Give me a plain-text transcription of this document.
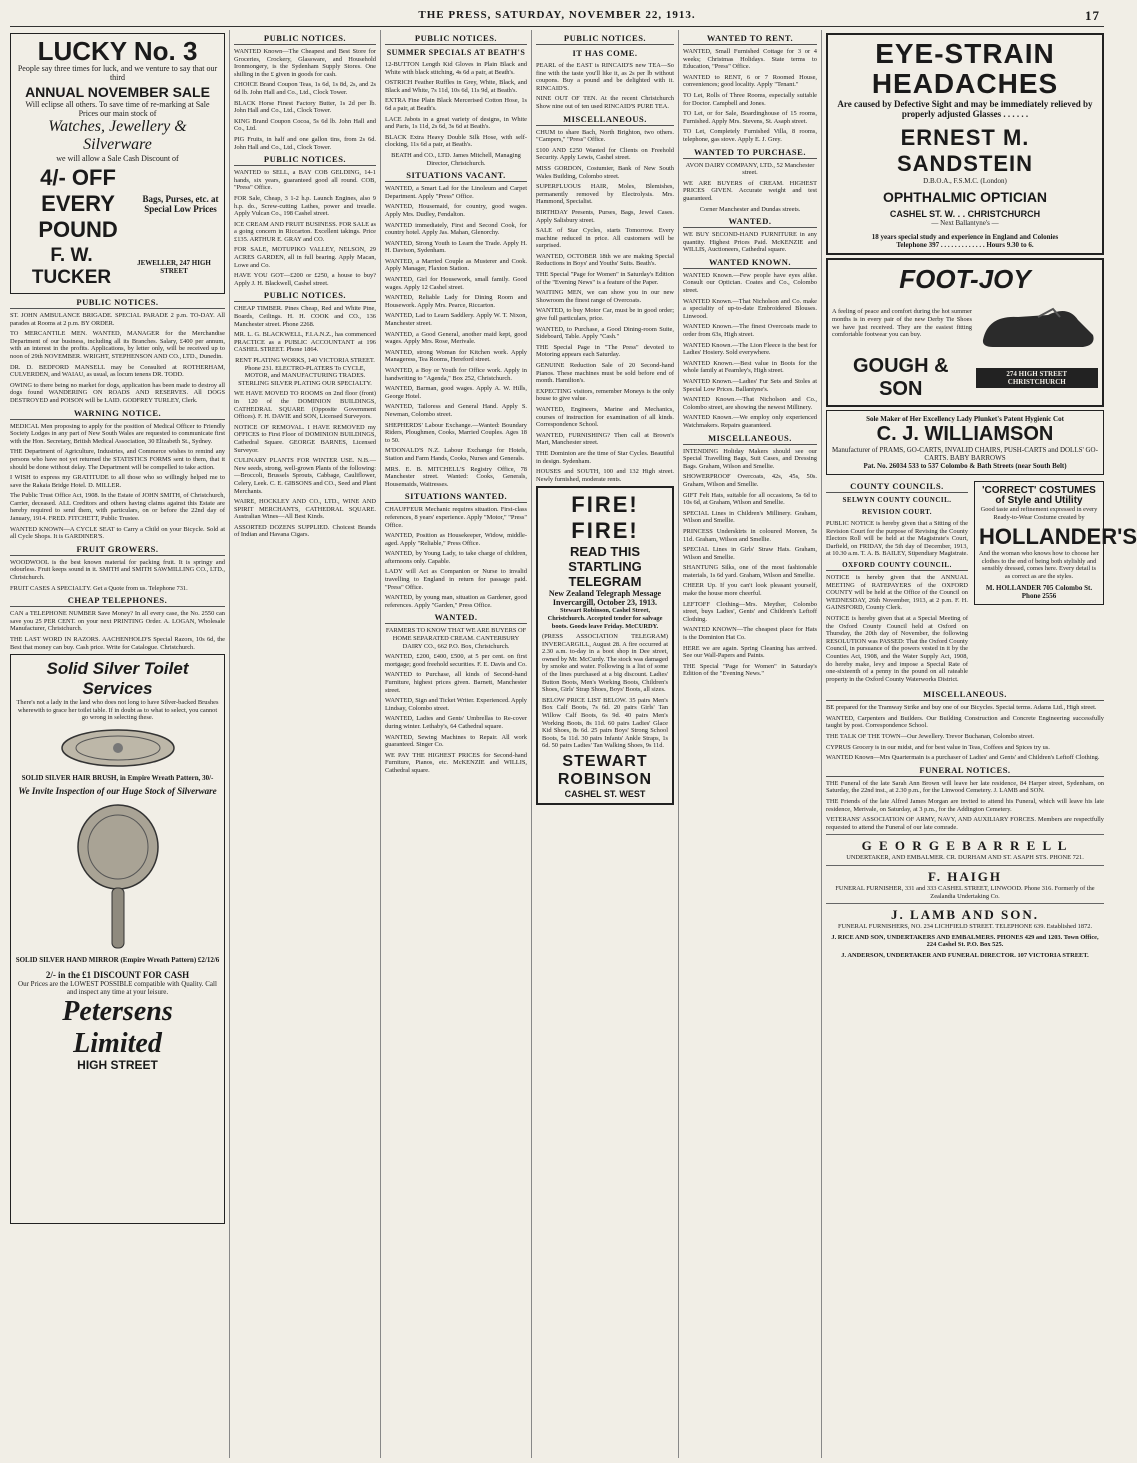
THE PRESS, SATURDAY, NOVEMBER 22, 1913.	17
LUCKY No. 3
People say three times for luck, and we venture to say that our third
ANNUAL NOVEMBER SALE
Will eclipse all others. To save time of re-marking at Sale Prices our main stock of
Watches, Jewellery & Silverware
we will allow a Sale Cash Discount of
4/- OFF EVERY POUND
Bags, Purses, etc. at Special Low Prices
F. W. TUCKER
JEWELLER, 247 HIGH STREET
PUBLIC NOTICES.
ST. JOHN AMBULANCE BRIGADE. SPECIAL PARADE 2 p.m. TO-DAY. All parades at Rooms at 2 p.m. BY ORDER.
TO MERCANTILE MEN. WANTED, MANAGER for the Merchandise Department of our business, including all its Branches. Salary, £400 per annum, with an interest in the profits. Applications, by letter only, will be received up to noon of 29th NOVEMBER. WRIGHT, STEPHENSON AND CO., LTD., Dunedin.
DR. D. BEDFORD MANSELL may be Consulted at ROTHERHAM, CULVERDEN, and WAIAU, as usual, as locum tenens DR. TODD.
OWING to there being no market for dogs, application has been made to destroy all dogs found WANDERING ON ROADS AND RESERVES. All DOGS DESTROYED and POISON will be LAID. GODFREY TURLEY, Clerk.
WARNING NOTICE.
MEDICAL Men proposing to apply for the position of Medical Officer to Friendly Society Lodges in any part of New South Wales are requested to communicate first with the Hon. Secretary, British Medical Association, 30 Elizabeth St., Sydney.
THE Department of Agriculture, Industries, and Commerce wishes to remind any persons who have not yet returned the STATISTICS FORMS sent to them, that it should be done without delay. The Department will be compelled to take action.
I WISH to express my GRATITUDE to all those who so willingly helped me to save the Rakaia Bridge Hotel. D. MILLER.
The Public Trust Office Act, 1908. In the Estate of JOHN SMITH, of Christchurch, Carrier, deceased. ALL Creditors and others having claims against this Estate are hereby required to send them, with particulars, on or before the 22nd day of January, 1914. FRED. FITCHETT, Public Trustee.
WANTED KNOWN—A CYCLE SEAT to Carry a Child on your Bicycle. Sold at all Cycle Shops. It is GARDINER'S.
FRUIT GROWERS.
WOODWOOL is the best known material for packing fruit. It is springy and odourless. Fruit keeps sound in it. SMITH and SMITH SAWMILLING CO., LTD., Christchurch.
FRUIT CASES A SPECIALTY. Get a Quote from us. Telephone 731.
CHEAP TELEPHONES.
CAN a TELEPHONE NUMBER Save Money? In all every case, the No. 2550 can save you 25 PER CENT. on your next PRINTING Order. A. LOGAN, Wholesale Manufacturer, Christchurch.
THE LAST WORD IN RAZORS. AACHENHOLD'S Special Razors, 10s 6d, the Best that money can buy. Cash price. Write for Catalogue. Christchurch.
Solid Silver Toilet Services
There's not a lady in the land who does not long to have Silver-backed Brushes wherewith to grace her toilet table. If in doubt as to what to select, you cannot go wrong in selecting these.
SOLID SILVER HAIR BRUSH, in Empire Wreath Pattern, 30/-
We Invite Inspection of our Huge Stock of Silverware
SOLID SILVER HAND MIRROR (Empire Wreath Pattern) £2/12/6
2/- in the £1 DISCOUNT FOR CASH
Our Prices are the LOWEST POSSIBLE compatible with Quality. Call and inspect any time at your leisure.
Petersens Limited
HIGH STREET
PUBLIC NOTICES.
WANTED Known—The Cheapest and Best Store for Groceries, Crockery, Glassware, and Household Ironmongery, is the Sydenham Supply Stores. One shilling in the £ given in goods for cash.
CHOICE Brand Coupon Teas, 1s 6d, 1s 8d, 2s, and 2s 6d lb. John Hall and Co., Ltd., Clock Tower.
BLACK Horse Finest Factory Butter, 1s 2d per lb. John Hall and Co., Ltd., Clock Tower.
KING Brand Coupon Cocoa, 5s 6d lb. John Hall and Co., Ltd.
PIG Fruits, in half and one gallon tins, from 2s 6d. John Hall and Co., Ltd., Clock Tower.
PUBLIC NOTICES.
WANTED to SELL, a BAY COB GELDING, 14-1 hands, six years, guaranteed good all round. COB, "Press" Office.
FOR Sale, Cheap, 3 1-2 h.p. Launch Engines, also 9 h.p. do., Screw-cutting Lathes, power and treadle. Apply Vulcan Co., 198 Cashel street.
ICE CREAM AND FRUIT BUSINESS. FOR SALE as a going concern in Riccarton. Excellent takings. Price £135. ARTHUR E. GRAY and CO.
FOR SALE, MOTUPIKO VALLEY, NELSON, 29 ACRES GARDEN, all in full bearing. Apply Macan, Lowe and Co.
HAVE YOU GOT—£200 or £250, a house to buy? Apply J. H. Blackwell, Cashel street.
PUBLIC NOTICES.
CHEAP TIMBER. Pines Cheap, Red and White Pine, Boards, Ceilings. H. H. COOK and CO., 136 Manchester street. Phone 2268.
MR. L. G. BLACKWELL, F.I.A.N.Z., has commenced PRACTICE as a PUBLIC ACCOUNTANT at 196 CASHEL STREET. Phone 1864.
RENT PLATING WORKS, 140 VICTORIA STREET. Phone 231. ELECTRO-PLATERS To CYCLE, MOTOR, and MANUFACTURING TRADES. STERLING SILVER PLATING OUR SPECIALTY.
WE HAVE MOVED TO ROOMS on 2nd floor (front) in 120 of the DOMINION BUILDINGS, CATHEDRAL SQUARE (Opposite Government Offices). F. H. DAVIE and SON, Licensed Surveyors.
NOTICE OF REMOVAL. I HAVE REMOVED my OFFICES to First Floor of DOMINION BUILDINGS, Cathedral Square. GEORGE BARNES, Licensed Surveyor.
CULINARY PLANTS FOR WINTER USE. N.B.—New seeds, strong, well-grown Plants of the following:—Broccoli, Brussels Sprouts, Cabbage, Cauliflower, Celery, Leek. C. E. GIBSONS and CO., Seed and Plant Merchants.
WAIRE, HOCKLEY AND CO., LTD., WINE AND SPIRIT MERCHANTS, CATHEDRAL SQUARE. Australian Wines—All Best Kinds.
ASSORTED DOZENS SUPPLIED. Choicest Brands of Indian and Havana Cigars.
PUBLIC NOTICES.
SUMMER SPECIALS AT BEATH'S
12-BUTTON Length Kid Gloves in Plain Black and White with black stitching, 4s 6d a pair, at Beath's.
OSTRICH Feather Ruffles in Grey, White, Black, and Black and White, 7s 11d, 10s 6d, 11s 9d, at Beath's.
EXTRA Fine Plain Black Mercerised Cotton Hose, 1s 6d a pair, at Beath's.
LACE Jabots in a great variety of designs, in White and Paris, 1s 11d, 2s 6d, 3s 6d at Beath's.
BLACK Extra Heavy Double Silk Hose, with self-clocking, 11s 6d a pair, at Beath's.
BEATH and CO., LTD. James Mitchell, Managing Director, Christchurch.
SITUATIONS VACANT.
WANTED, a Smart Lad for the Linoleum and Carpet Department. Apply "Press" Office.
WANTED, Housemaid, for country, good wages. Apply Mrs. Dudley, Fendalton.
WANTED immediately, First and Second Cook, for country hotel. Apply Jas. Mahan, Glenorchy.
WANTED, Strong Youth to Learn the Trade. Apply H. H. Davison, Sydenham.
WANTED, a Married Couple as Musterer and Cook. Apply Manager, Flaxton Station.
WANTED, Girl for Housework, small family. Good wages. Apply 12 Cashel street.
WANTED, Reliable Lady for Dining Room and Housework. Apply Mrs. Pearce, Riccarton.
WANTED, Lad to Learn Saddlery. Apply W. T. Nixon, Manchester street.
WANTED, a Good General, another maid kept, good wages. Apply Mrs. Rose, Merivale.
WANTED, strong Woman for Kitchen work. Apply Manageress, Tea Rooms, Hereford street.
WANTED, a Boy or Youth for Office work. Apply in handwriting to "Agenda," Box 252, Christchurch.
WANTED, Barman, good wages. Apply A. W. Hills, George Hotel.
WANTED, Tailoress and General Hand. Apply S. Newman, Colombo street.
SHEPHERDS' Labour Exchange.—Wanted: Boundary Riders, Ploughmen, Cooks, Married Couples. Ages 18 to 50.
M'DONALD'S N.Z. Labour Exchange for Hotels, Station and Farm Hands, Cooks, Nurses and Generals.
MRS. E. B. MITCHELL'S Registry Office, 78 Manchester street. Wanted: Cooks, Generals, Housemaids, Waitresses.
SITUATIONS WANTED.
CHAUFFEUR Mechanic requires situation. First-class references, 8 years' experience. Apply "Motor," "Press" Office.
WANTED, Position as Housekeeper, Widow, middle-aged. Apply "Reliable," Press Office.
WANTED, by Young Lady, to take charge of children, afternoons only. Capable.
LADY will Act as Companion or Nurse to invalid travelling to England in return for passage paid. "Press" Office.
WANTED, by young man, situation as Gardener, good references. Apply "Garden," Press Office.
WANTED.
FARMERS TO KNOW THAT WE ARE BUYERS OF HOME SEPARATED CREAM. CANTERBURY DAIRY CO., 662 P.O. Box, Christchurch.
WANTED, £200, £400, £500, at 5 per cent. on first mortgage; good freehold securities. F. E. Davis and Co.
WANTED to Purchase, all kinds of Second-hand Furniture, highest prices given. Barnett, Manchester street.
WANTED, Sign and Ticket Writer. Experienced. Apply Lindsay, Colombo street.
WANTED, Ladies and Gents' Umbrellas to Re-cover during winter. Lethaby's, 64 Cathedral square.
WANTED, Sewing Machines to Repair. All work guaranteed. Singer Co.
WE PAY THE HIGHEST PRICES for Second-hand Furniture, Pianos, etc. McKENZIE and WILLIS, Cathedral square.
PUBLIC NOTICES.
IT HAS COME.
PEARL of the EAST is RINCAID'S new TEA—So fine with the taste you'll like it, as 2s per lb without coupons. Buy a pound and be delighted with it. RINCAID'S.
NINE OUT OF TEN. At the recent Christchurch Show nine out of ten used RINCAID'S PURE TEA.
MISCELLANEOUS.
CHUM to share Bach, North Brighton, two others. "Campers," "Press" Office.
£100 AND £250 Wanted for Clients on Freehold Security. Apply Lewis, Cashel street.
MISS GORDON, Costumier, Bank of New South Wales Building, Colombo street.
SUPERFLUOUS HAIR, Moles, Blemishes, permanently removed by Electrolysis. Mrs. Hammond, Specialist.
BIRTHDAY Presents, Purses, Bags, Jewel Cases. Apply Salisbury street.
SALE of Star Cycles, starts Tomorrow. Every machine reduced in price. All customers will be surprised.
WANTED, OCTOBER 18th we are making Special Reductions in Boys' and Youths' Suits. Beath's.
THE Special "Page for Women" in Saturday's Edition of the "Evening News" is a feature of the Paper.
WAITING MEN, we can show you in our new Showroom the finest range of Overcoats.
WANTED, to buy Motor Car, must be in good order; give full particulars, price.
WANTED, to Purchase, a Good Dining-room Suite, Sideboard, Table. Apply "Cash."
THE Special Page in "The Press" devoted to Motoring appears each Saturday.
GENUINE Reduction Sale of 20 Second-hand Pianos. These machines must be sold before end of month. Hamilton's.
EXPECTING visitors, remember Moneys is the only house to give value.
WANTED, Engineers, Marine and Mechanics, courses of instruction for examination of all kinds. Correspondence School.
WANTED, FURNISHING? Then call at Brown's Mart, Manchester street.
THE Dominion are the time of Star Cycles. Beautiful in design. Sydenham.
HOUSES and SOUTH, 100 and 132 High street. Newly furnished, moderate rents.
FIRE! FIRE!
READ THIS STARTLING TELEGRAM
New Zealand Telegraph Message Invercargill, October 23, 1913.
Stewart Robinson, Cashel Street, Christchurch. Accepted tender for salvage boots. Goods leave Friday. McCURDY.
(PRESS ASSOCIATION TELEGRAM) INVERCARGILL, August 28. A fire occurred at 2.30 a.m. to-day in a boot shop in Dee street, owned by Mr. McCurdy. The stock was damaged by smoke and water. Following is a list of some of the lines purchased at a big discount. Ladies' Button Boots, Men's Working Boots, Children's Shoes, Girls' Strap Shoes, Boys' Boots, all sizes.
BELOW PRICE LIST BELOW. 35 pairs Men's Box Calf Boots, 7s 6d. 20 pairs Girls' Tan Willow Calf Boots, 6s 9d. 40 pairs Men's Working Boots, 8s 11d. 60 pairs Ladies' Glace Kid Shoes, 8s 6d. 25 pairs Boys' Strong School Boots, 5s 11d. 30 pairs Infants' Ankle Straps, 1s 6d. 50 pairs Ladies' Tan Walking Shoes, 9s 11d.
STEWART ROBINSON
CASHEL ST. WEST
WANTED TO RENT.
WANTED, Small Furnished Cottage for 3 or 4 weeks; Christmas Holidays. State terms to Education, "Press" Office.
WANTED to RENT, 6 or 7 Roomed House, conveniences; good locality. Apply "Tenant."
TO Let, Rolls of Three Rooms, especially suitable for Doctor. Campbell and Jones.
TO Let, or for Sale, Boardinghouse of 15 rooms, Furnished. Apply Mrs. Stevens, St. Asaph street.
TO Let, Completely Furnished Villa, 8 rooms, telephone, gas stove. Apply E. J. Grey.
WANTED TO PURCHASE.
AVON DAIRY COMPANY, LTD., 52 Manchester street.
WE ARE BUYERS of CREAM. HIGHEST PRICES GIVEN. Accurate weight and test guaranteed.
Corner Manchester and Dundas streets.
WANTED.
WE BUY SECOND-HAND FURNITURE in any quantity. Highest Prices Paid. McKENZIE and WILLIS, Auctioneers, Cathedral square.
WANTED KNOWN.
WANTED Known.—Few people have eyes alike. Consult our Optician. Coates and Co., Colombo street.
WANTED Known.—That Nicholson and Co. make a speciality of up-to-date Embroidered Blouses. Linwood.
WANTED Known.—The finest Overcoats made to order from 63s, High street.
WANTED Known.—The Lion Fleece is the best for Ladies' Hosiery. Sold everywhere.
WANTED Known.—Best value in Boots for the whole family at Fearnley's, High street.
WANTED Known.—Ladies' Fur Sets and Stoles at Special Low Prices. Ballantyne's.
WANTED Known.—That Nicholson and Co., Colombo street, are showing the newest Millinery.
WANTED Known.—We employ only experienced Watchmakers. Repairs guaranteed.
MISCELLANEOUS.
INTENDING Holiday Makers should see our Special Travelling Bags, Suit Cases, and Dressing Bags. Graham, Wilson and Smellie.
SHOWERPROOF Overcoats, 42s, 45s, 50s. Graham, Wilson and Smellie.
GIFT Felt Hats, suitable for all occasions, 5s 6d to 10s 6d, at Graham, Wilson and Smellie.
SPECIAL Lines in Children's Millinery. Graham, Wilson and Smellie.
PRINCESS Underskirts in coloured Moreen, 5s 11d. Graham, Wilson and Smellie.
SPECIAL Lines in Girls' Straw Hats. Graham, Wilson and Smellie.
SHANTUNG Silks, one of the most fashionable materials, 1s 6d yard. Graham, Wilson and Smellie.
CHEER Up. If you can't look pleasant yourself, make the house more cheerful.
LEFTOFF Clothing—Mrs. Meyther, Colombo street, buys Ladies', Gents' and Children's Leftoff Clothing.
WANTED KNOWN—The cheapest place for Hats is the Dominion Hat Co.
HERE we are again. Spring Cleaning has arrived. See our Wall-Papers and Paints.
THE Special "Page for Women" in Saturday's Edition of the "Evening News."
EYE-STRAIN
HEADACHES
Are caused by Defective Sight and may be immediately relieved by properly adjusted Glasses . . . . . .
ERNEST M. SANDSTEIN
D.B.O.A., F.S.M.C. (London)
OPHTHALMIC OPTICIAN
CASHEL ST. W. . . CHRISTCHURCH
— Next Ballantyne's —
18 years special study and experience in England and Colonies
Telephone 397 . . . . . . . . . . . . . Hours 9.30 to 6.
FOOT-JOY
A feeling of peace and comfort during the hot summer months is in every pair of the new Derby Tie Shoes we have just received. They are the easiest fitting comfortable footwear you can buy.
GOUGH & SON
274 HIGH STREET CHRISTCHURCH
Sole Maker of Her Excellency Lady Plunket's Patent Hygienic Cot
C. J. WILLIAMSON
Manufacturer of PRAMS, GO-CARTS, INVALID CHAIRS, PUSH-CARTS and DOLLS' GO-CARTS. BABY BARROWS
Pat. No. 26034 533 to 537 Colombo & Bath Streets (near South Belt)
COUNTY COUNCILS.
SELWYN COUNTY COUNCIL.
REVISION COURT.
PUBLIC NOTICE is hereby given that a Sitting of the Revision Court for the purpose of Revising the County Electors Roll will be held at the Magistrate's Court, Darfield, on FRIDAY, the 5th day of December, 1913, at 10.30 a.m. T. A. B. BAILEY, Stipendiary Magistrate.
OXFORD COUNTY COUNCIL.
NOTICE is hereby given that the ANNUAL MEETING of RATEPAYERS of the OXFORD COUNTY will be held at the Office of the Council on WEDNESDAY, 26th November, 1913, at 2 p.m. F. H. GAINSFORD, County Clerk.
NOTICE is hereby given that at a Special Meeting of the Oxford County Council held at Oxford on Thursday, the 20th day of November, the following RESOLUTION was PASSED: That the Oxford County Council, in pursuance of the powers vested in it by the Counties Act, 1908, and the Water Supply Act, 1908, do hereby make, levy and impose a Special Rate of one-sixteenth of a penny in the pound on all rateable property in the Oxford County Waterworks District.
'CORRECT' COSTUMES of Style and Utility
Good taste and refinement expressed in every Ready-to-Wear Costume created by
HOLLANDER'S
And the woman who knows how to choose her clothes to the end of being both stylishly and sensibly dressed, comes here. Every detail is as correct as are the styles.
M. HOLLANDER 705 Colombo St. Phone 2556
MISCELLANEOUS.
BE prepared for the Tramway Strike and buy one of our Bicycles. Special terms. Adams Ltd., High street.
WANTED, Carpenters and Builders. Our Building Construction and Concrete Engineering successfully taught by post. Correspondence School.
THE TALK OF THE TOWN—Our Jewellery. Trevor Buchanan, Colombo street.
CYPRUS Grocery is in our midst, and for best value in Teas, Coffees and Spices try us.
WANTED Known—Mrs Quartermain is a purchaser of Ladies' and Gents' and Children's Leftoff Clothing.
FUNERAL NOTICES.
THE Funeral of the late Sarah Ann Brown will leave her late residence, 84 Harper street, Sydenham, on Saturday, the 22nd inst., at 2.30 p.m., for the Linwood Cemetery. J. LAMB and SON.
THE Friends of the late Alfred James Morgan are invited to attend his Funeral, which will leave his late residence, Merivale, on Saturday, at 3 p.m., for the Addington Cemetery.
VETERANS' ASSOCIATION OF ARMY, NAVY, AND AUXILIARY FORCES. Members are respectfully requested to attend the Funeral of our late comrade.
G E O R G E B A R R E L L
UNDERTAKER, AND EMBALMER. CR. DURHAM AND ST. ASAPH STS. PHONE 721.
F. HAIGH
FUNERAL FURNISHER, 331 and 333 CASHEL STREET, LINWOOD. Phone 316. Formerly of the Zealandia Undertaking Co.
J. LAMB AND SON.
FUNERAL FURNISHERS, NO. 234 LICHFIELD STREET. TELEPHONE 639. Established 1872.
J. RICE AND SON, UNDERTAKERS AND EMBALMERS. PHONES 429 and 1203. Town Office, 224 Cashel St. P.O. Box 525.
J. ANDERSON, UNDERTAKER AND FUNERAL DIRECTOR. 107 VICTORIA STREET.
